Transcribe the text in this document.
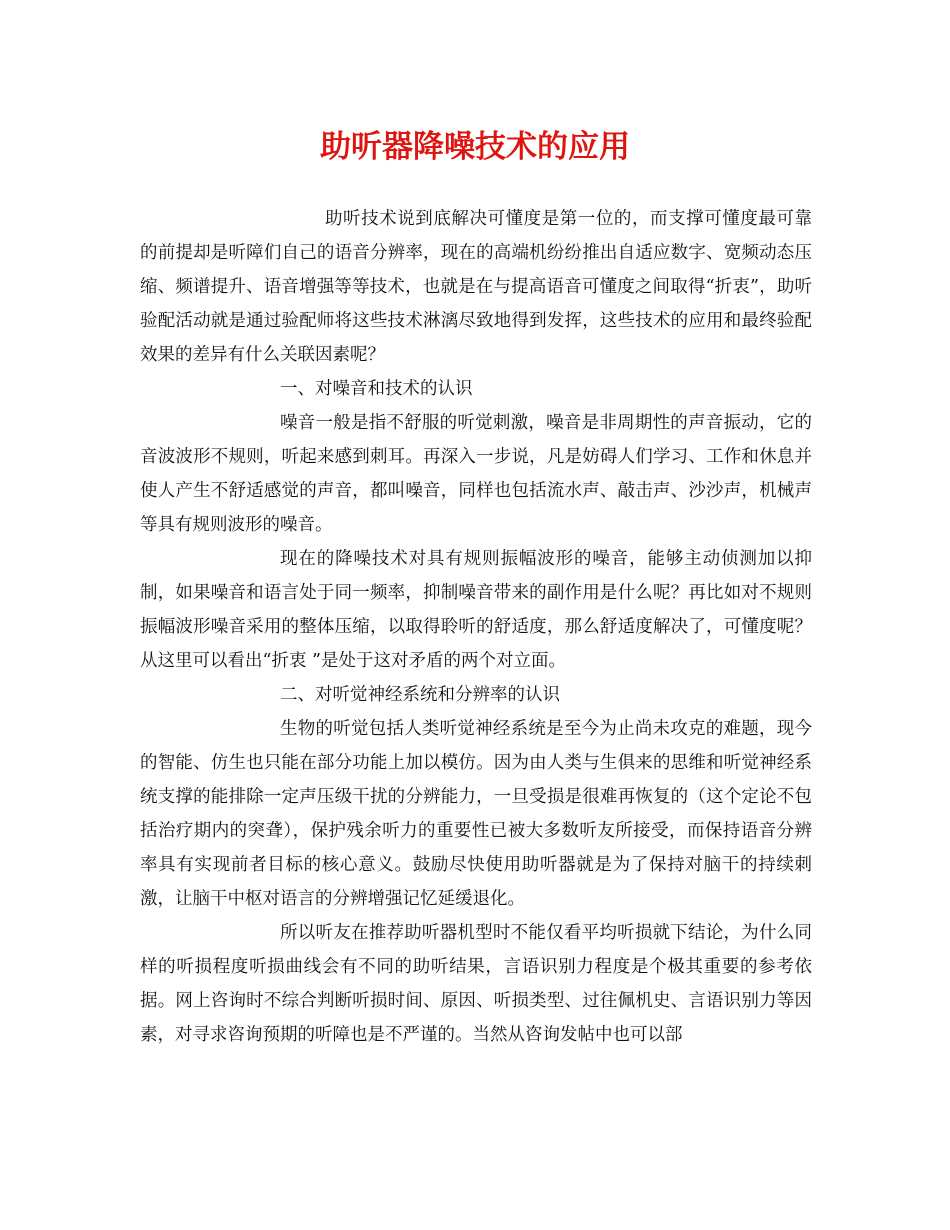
助听器降噪技术的应用

助听技术说到底解决可懂度是第一位的，而支撑可懂度最可靠的前提却是听障们自己的语音分辨率，现在的高端机纷纷推出自适应数字、宽频动态压缩、频谱提升、语音增强等等技术，也就是在与提高语音可懂度之间取得“折衷”，助听验配活动就是通过验配师将这些技术淋漓尽致地得到发挥，这些技术的应用和最终验配效果的差异有什么关联因素呢？

一、对噪音和技术的认识

噪音一般是指不舒服的听觉刺激，噪音是非周期性的声音振动，它的音波波形不规则，听起来感到刺耳。再深入一步说，凡是妨碍人们学习、工作和休息并使人产生不舒适感觉的声音，都叫噪音，同样也包括流水声、敲击声、沙沙声，机械声等具有规则波形的噪音。

现在的降噪技术对具有规则振幅波形的噪音，能够主动侦测加以抑制，如果噪音和语言处于同一频率，抑制噪音带来的副作用是什么呢？再比如对不规则振幅波形噪音采用的整体压缩，以取得聆听的舒适度，那么舒适度解决了，可懂度呢？从这里可以看出“折衷 ”是处于这对矛盾的两个对立面。

二、对听觉神经系统和分辨率的认识

生物的听觉包括人类听觉神经系统是至今为止尚未攻克的难题，现今的智能、仿生也只能在部分功能上加以模仿。因为由人类与生俱来的思维和听觉神经系统支撑的能排除一定声压级干扰的分辨能力，一旦受损是很难再恢复的（这个定论不包括治疗期内的突聋），保护残余听力的重要性已被大多数听友所接受，而保持语音分辨率具有实现前者目标的核心意义。鼓励尽快使用助听器就是为了保持对脑干的持续刺激，让脑干中枢对语言的分辨增强记忆延缓退化。

所以听友在推荐助听器机型时不能仅看平均听损就下结论，为什么同样的听损程度听损曲线会有不同的助听结果，言语识别力程度是个极其重要的参考依据。网上咨询时不综合判断听损时间、原因、听损类型、过往佩机史、言语识别力等因素，对寻求咨询预期的听障也是不严谨的。当然从咨询发帖中也可以部
